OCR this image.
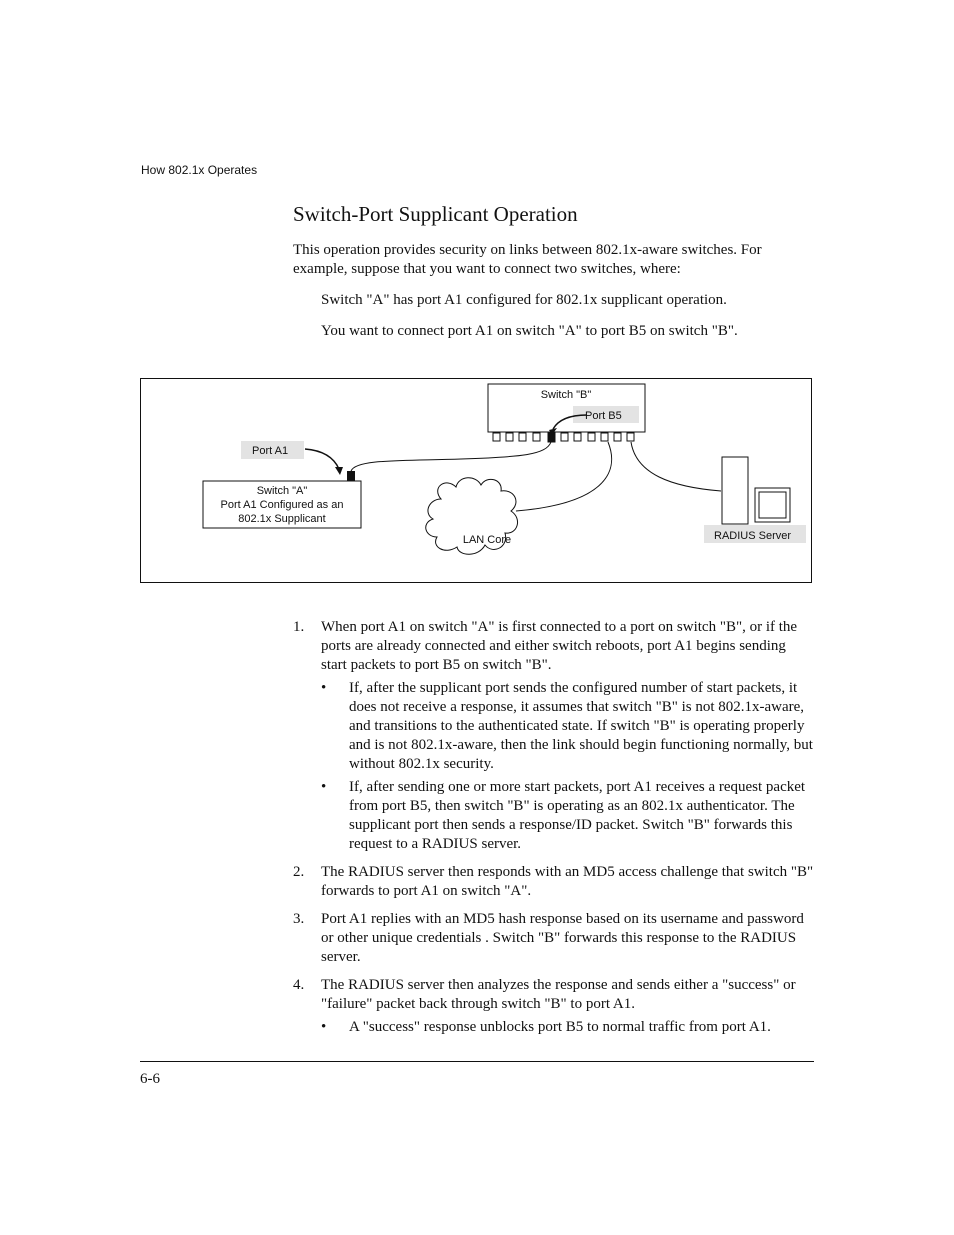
How 802.1x Operates
Switch-Port Supplicant Operation
This operation provides security on links between 802.1x-aware switches. For example, suppose that you want to connect two switches, where:
Switch "A" has port A1 configured for 802.1x supplicant operation.
You want to connect port A1 on switch "A" to port B5 on switch "B".
Switch "B"
Port B5
Port A1
Switch "A"
Port A1 Configured as an
802.1x Supplicant
LAN Core	RADIUS Server
1. When port A1 on switch "A" is first connected to a port on switch "B", or if the ports are already connected and either switch reboots, port A1 begins sending start packets to port B5 on switch "B".
• If, after the supplicant port sends the configured number of start packets, it does not receive a response, it assumes that switch "B" is not 802.1x-aware, and transitions to the authenticated state. If switch "B" is operating properly and is not 802.1x-aware, then the link should begin functioning normally, but without 802.1x security.
• If, after sending one or more start packets, port A1 receives a request packet from port B5, then switch "B" is operating as an 802.1x authenticator. The supplicant port then sends a response/ID packet. Switch "B" forwards this request to a RADIUS server.
2. The RADIUS server then responds with an MD5 access challenge that switch "B" forwards to port A1 on switch "A".
3. Port A1 replies with an MD5 hash response based on its username and password or other unique credentials . Switch "B" forwards this response to the RADIUS server.
4. The RADIUS server then analyzes the response and sends either a "success" or "failure" packet back through switch "B" to port A1.
• A "success" response unblocks port B5 to normal traffic from port A1.
6-6
